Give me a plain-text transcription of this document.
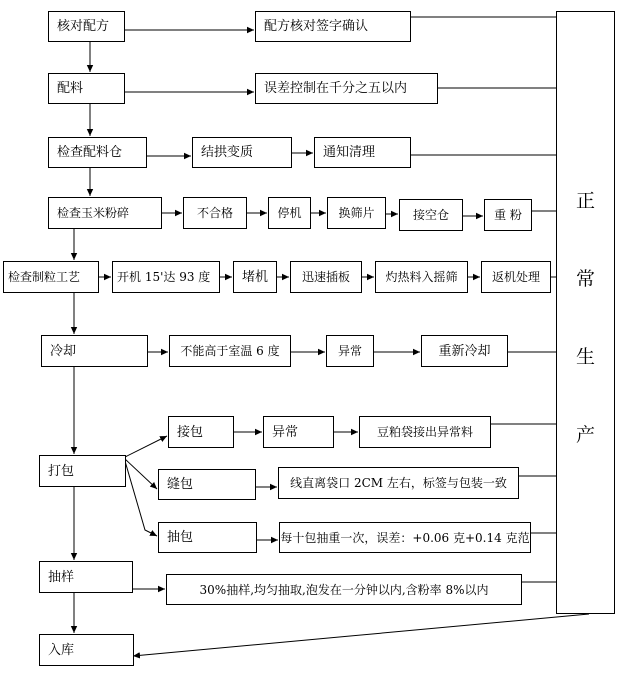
核对配方	配方核对签字确认
配料	误差控制在千分之五以内
检查配料仓	结拱变质	通知清理
检查玉米粉碎	不合格	停机	换筛片	接空仓	重 粉
检查制粒工艺	开机 15'达 93 度 堵机	迅速插板	灼热料入摇筛	返机处理
冷却	不能高于室温 6 度	异常	重新冷却
打包
接包	异常	豆粕袋接出异常料
缝包	线直离袋口 2CM 左右，标签与包装一致
抽包	每十包抽重一次，误差：+0.06 克+0.14 克范
抽样
30%抽样,均匀抽取,泡发在一分钟以内,含粉率 8%以内
入库
正
常
生
产
